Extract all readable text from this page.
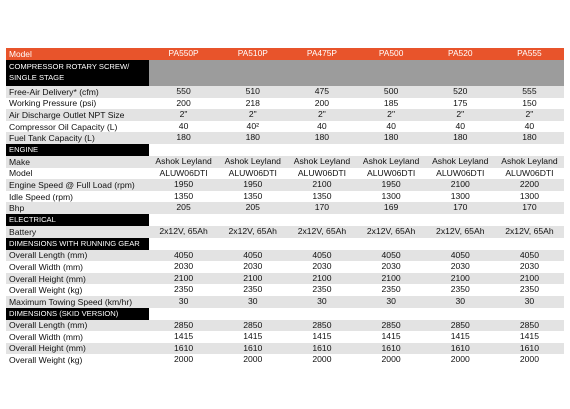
Model	PA550P	PA510P	PA475P	PA500	PA520	PA555
COMPRESSOR ROTARY SCREW/ SINGLE STAGE
Free-Air Delivery* (cfm)	550	510	475	500	520	555
Working Pressure (psi)	200	218	200	185	175	150
Air Discharge Outlet NPT Size	2"	2"	2"	2"	2"	2"
Compressor Oil Capacity (L)	40	40²	40	40	40	40
Fuel Tank Capacity (L)	180	180	180	180	180	180
ENGINE
Make	Ashok Leyland	Ashok Leyland	Ashok Leyland	Ashok Leyland	Ashok Leyland	Ashok Leyland
Model	ALUW06DTI	ALUW06DTI	ALUW06DTI	ALUW06DTI	ALUW06DTI	ALUW06DTI
Engine Speed @ Full Load (rpm)	1950	1950	2100	1950	2100	2200
Idle Speed (rpm)	1350	1350	1350	1300	1300	1300
Bhp	205	205	170	169	170	170
ELECTRICAL
Battery	2x12V, 65Ah	2x12V, 65Ah	2x12V, 65Ah	2x12V, 65Ah	2x12V, 65Ah	2x12V, 65Ah
DIMENSIONS WITH RUNNING GEAR
Overall Length (mm)	4050	4050	4050	4050	4050	4050
Overall Width (mm)	2030	2030	2030	2030	2030	2030
Overall Height (mm)	2100	2100	2100	2100	2100	2100
Overall Weight (kg)	2350	2350	2350	2350	2350	2350
Maximum Towing Speed (km/hr)	30	30	30	30	30	30
DIMENSIONS (SKID VERSION)
Overall Length (mm)	2850	2850	2850	2850	2850	2850
Overall Width (mm)	1415	1415	1415	1415	1415	1415
Overall Height (mm)	1610	1610	1610	1610	1610	1610
Overall Weight (kg)	2000	2000	2000	2000	2000	2000
